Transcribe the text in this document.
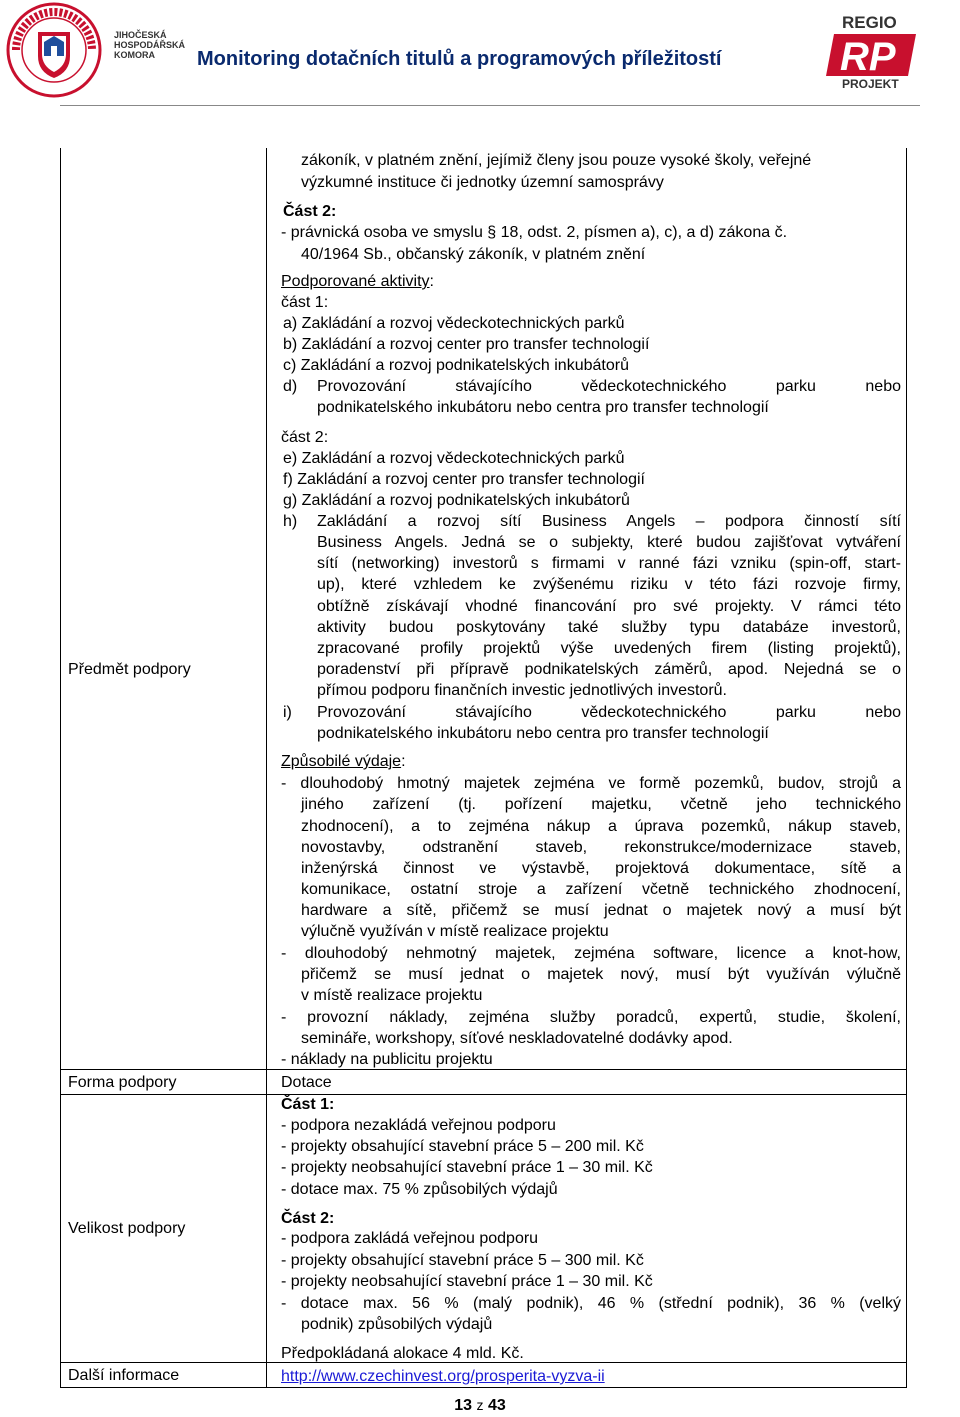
JIHOČESKÁ
HOSPODÁŘSKÁ
KOMORA	Monitoring dotačních titulů a programových příležitostí
REGIO
RP
PROJEKT
Předmět podpory
Forma podpory
Velikost podpory
Další informace
zákoník, v platném znění, jejímiž členy jsou pouze vysoké školy, veřejné
výzkumné instituce či jednotky územní samosprávy
Část 2:
- právnická osoba ve smyslu § 18, odst. 2, písmen a), c), a d) zákona č.
40/1964 Sb., občanský zákoník, v platném znění
Podporované aktivity:
část 1:
a) Zakládání a rozvoj vědeckotechnických parků
b) Zakládání a rozvoj center pro transfer technologií
c) Zakládání a rozvoj podnikatelských inkubátorů
d) Provozování stávajícího vědeckotechnického parku nebo
podnikatelského inkubátoru nebo centra pro transfer technologií
část 2:
e) Zakládání a rozvoj vědeckotechnických parků
f) Zakládání a rozvoj center pro transfer technologií
g) Zakládání a rozvoj podnikatelských inkubátorů
h) Zakládání a rozvoj sítí Business Angels – podpora činností sítí
Business Angels. Jedná se o subjekty, které budou zajišťovat vytváření
sítí (networking) investorů s firmami v ranné fázi vzniku (spin-off, start-
up), které vzhledem ke zvýšenému riziku v této fázi rozvoje firmy,
obtížně získávají vhodné financování pro své projekty. V rámci této
aktivity budou poskytovány také služby typu databáze investorů,
zpracované profily projektů výše uvedených firem (listing projektů),
poradenství při přípravě podnikatelských záměrů, apod. Nejedná se o
přímou podporu finančních investic jednotlivých investorů.
i) Provozování stávajícího vědeckotechnického parku nebo
podnikatelského inkubátoru nebo centra pro transfer technologií
Způsobilé výdaje:
- dlouhodobý hmotný majetek zejména ve formě pozemků, budov, strojů a
jiného zařízení (tj. pořízení majetku, včetně jeho technického
zhodnocení), a to zejména nákup a úprava pozemků, nákup staveb,
novostavby, odstranění staveb, rekonstrukce/modernizace staveb,
inženýrská činnost ve výstavbě, projektová dokumentace, sítě a
komunikace, ostatní stroje a zařízení včetně technického zhodnocení,
hardware a sítě, přičemž se musí jednat o majetek nový a musí být
výlučně využíván v místě realizace projektu
- dlouhodobý nehmotný majetek, zejména software, licence a knot-how,
přičemž se musí jednat o majetek nový, musí být využíván výlučně
v místě realizace projektu
- provozní náklady, zejména služby poradců, expertů, studie, školení,
semináře, workshopy, síťové neskladovatelné dodávky apod.
- náklady na publicitu projektu
Dotace
Část 1:
- podpora nezakládá veřejnou podporu
- projekty obsahující stavební práce 5 – 200 mil. Kč
- projekty neobsahující stavební práce 1 – 30 mil. Kč
- dotace max. 75 % způsobilých výdajů
Část 2:
- podpora zakládá veřejnou podporu
- projekty obsahující stavební práce 5 – 300 mil. Kč
- projekty neobsahující stavební práce 1 – 30 mil. Kč
- dotace max. 56 % (malý podnik), 46 % (střední podnik), 36 % (velký
podnik) způsobilých výdajů
Předpokládaná alokace 4 mld. Kč.
http://www.czechinvest.org/prosperita-vyzva-ii
13 z 43
